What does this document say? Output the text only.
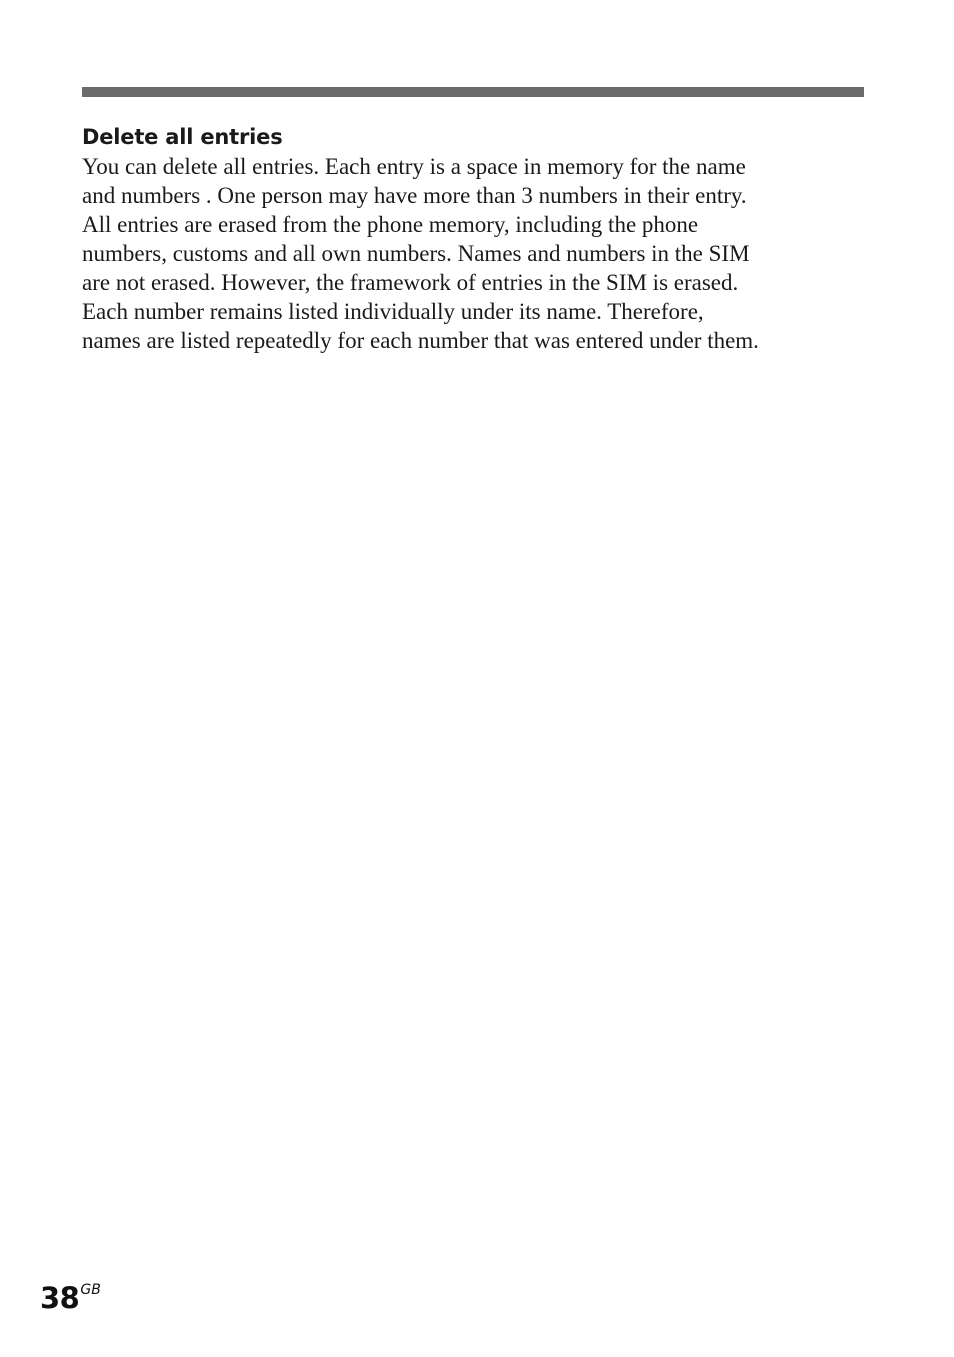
Delete all entries

You can delete all entries. Each entry is a space in memory for the name
and numbers . One person may have more than 3 numbers in their entry.
All entries are erased from the phone memory, including the phone
numbers, customs and all own numbers. Names and numbers in the SIM
are not erased. However, the framework of entries in the SIM is erased.
Each number remains listed individually under its name. Therefore,
names are listed repeatedly for each number that was entered under them.

$38^{GB}$
